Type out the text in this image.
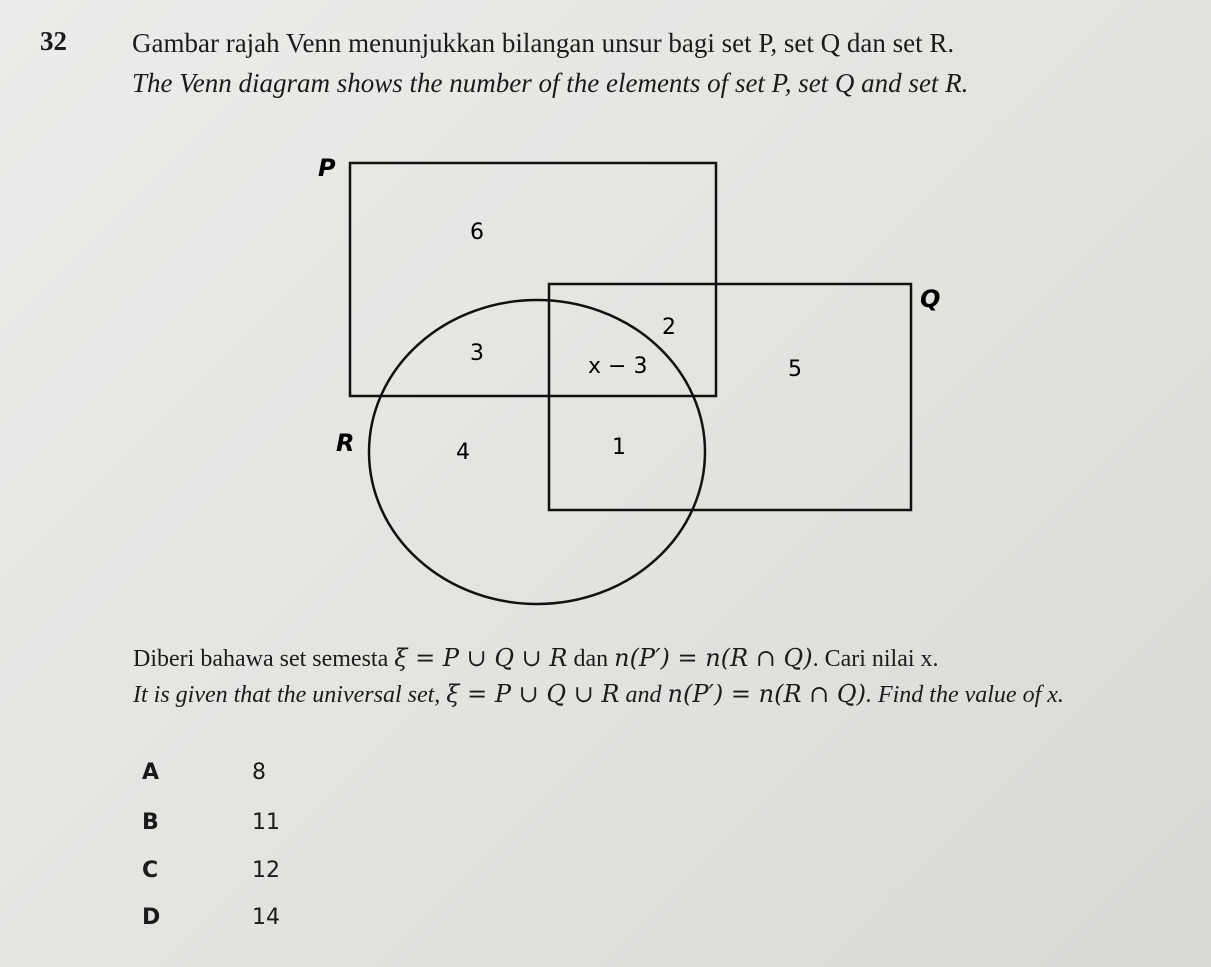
32 Gambar rajah Venn menunjukkan bilangan unsur bagi set P, set Q dan set R.
The Venn diagram shows the number of the elements of set P, set Q and set R.
P
Q
R
6
2
3
x − 3	5
4	1
Diberi bahawa set semesta ξ = P ∪ Q ∪ R dan n(P′) = n(R ∩ Q). Cari nilai x.
It is given that the universal set, ξ = P ∪ Q ∪ R and n(P′) = n(R ∩ Q). Find the value of x.
A	8
B	11
C	12
D	14
